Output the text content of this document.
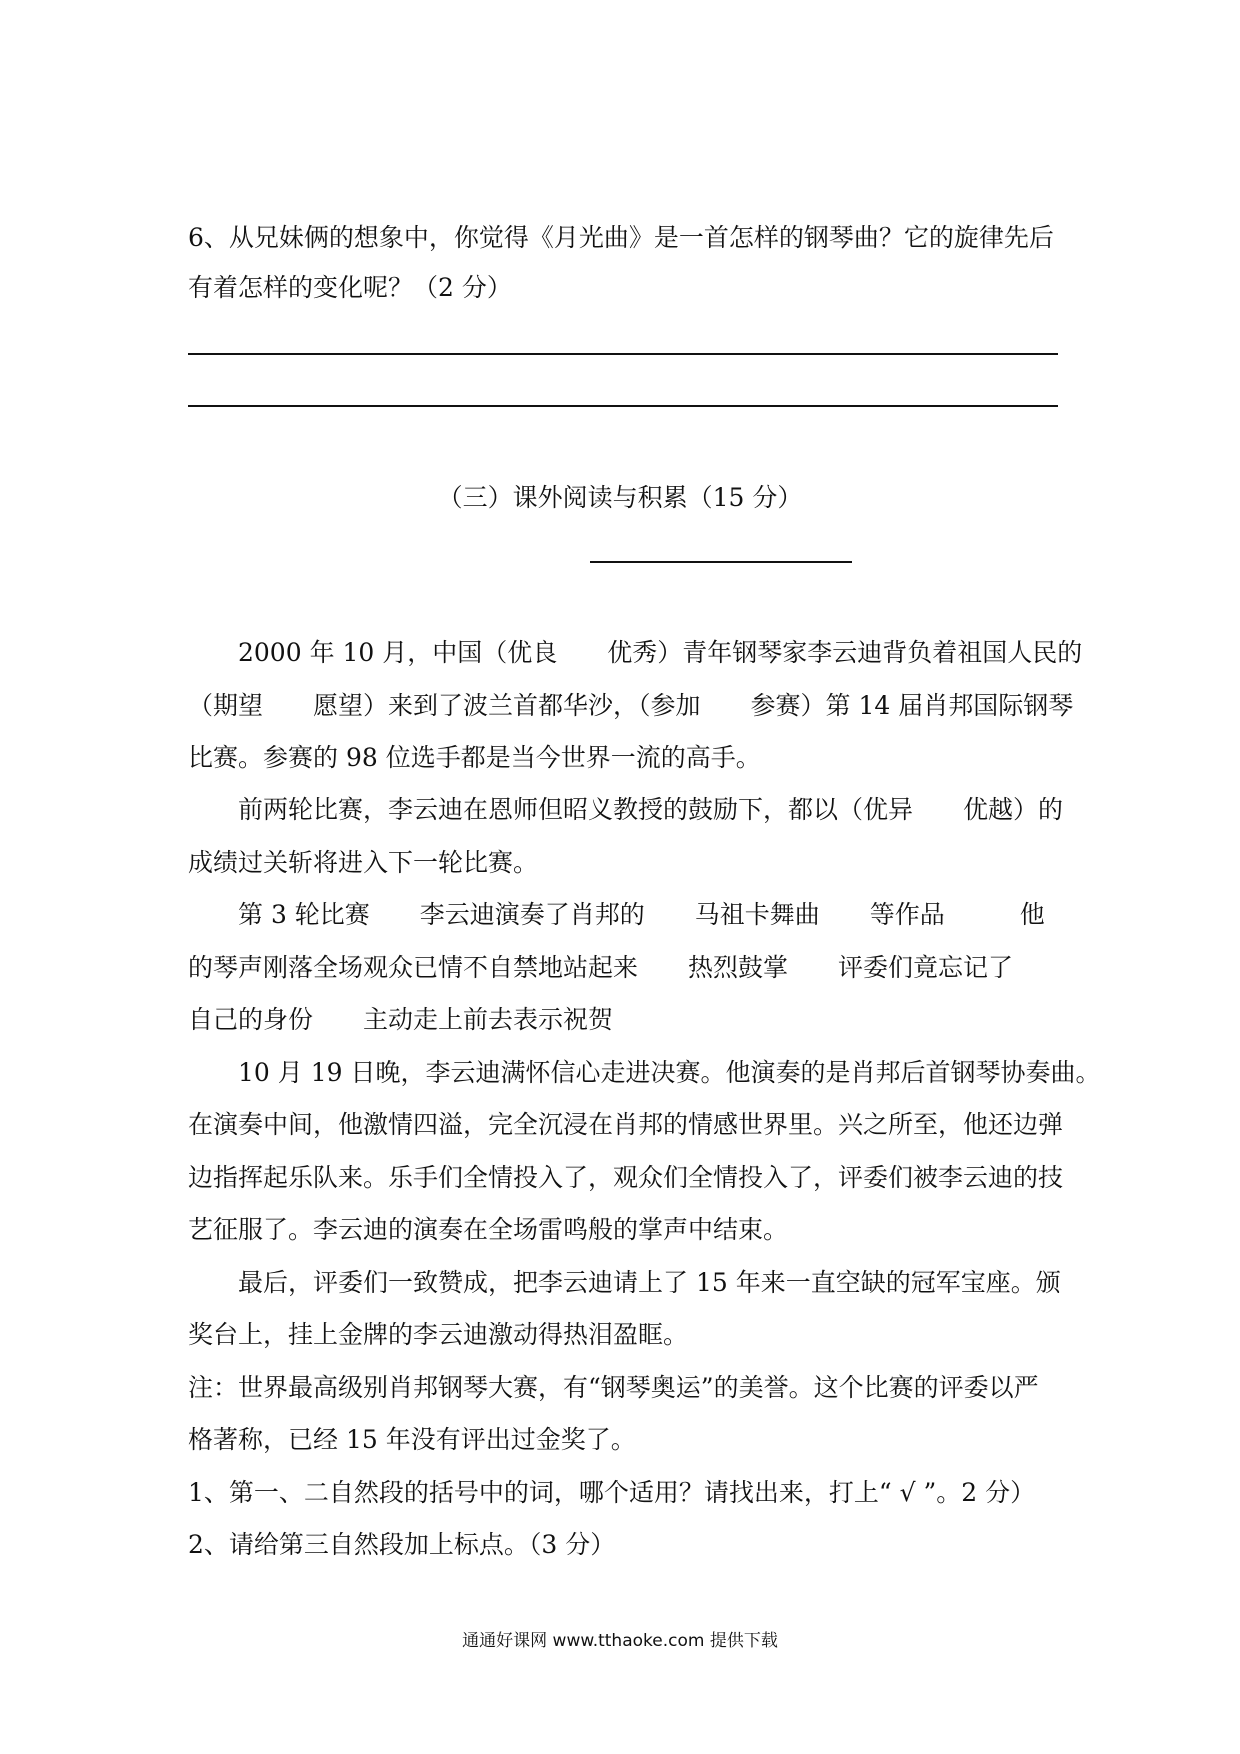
6、从兄妹俩的想象中，你觉得《月光曲》是一首怎样的钢琴曲？它的旋律先后
有着怎样的变化呢？（2 分）
（三）课外阅读与积累（15 分）
2000 年 10 月，中国（优良　　优秀）青年钢琴家李云迪背负着祖国人民的
（期望　　愿望）来到了波兰首都华沙，（参加　　参赛）第 14 届肖邦国际钢琴
比赛。参赛的 98 位选手都是当今世界一流的高手。
前两轮比赛，李云迪在恩师但昭义教授的鼓励下，都以（优异　　优越）的
成绩过关斩将进入下一轮比赛。
第 3 轮比赛　　李云迪演奏了肖邦的　　马祖卡舞曲　　等作品　　　他
的琴声刚落全场观众已情不自禁地站起来　　热烈鼓掌　　评委们竟忘记了
自己的身份　　主动走上前去表示祝贺
10 月 19 日晚，李云迪满怀信心走进决赛。他演奏的是肖邦后首钢琴协奏曲。
在演奏中间，他激情四溢，完全沉浸在肖邦的情感世界里。兴之所至，他还边弹
边指挥起乐队来。乐手们全情投入了，观众们全情投入了，评委们被李云迪的技
艺征服了。李云迪的演奏在全场雷鸣般的掌声中结束。
最后，评委们一致赞成，把李云迪请上了 15 年来一直空缺的冠军宝座。颁
奖台上，挂上金牌的李云迪激动得热泪盈眶。
注：世界最高级别肖邦钢琴大赛，有“钢琴奥运”的美誉。这个比赛的评委以严
格著称，已经 15 年没有评出过金奖了。
1、第一、二自然段的括号中的词，哪个适用？请找出来，打上“ √ ”。2 分）
2、请给第三自然段加上标点。（3 分）
通通好课网 www.tthaoke.com 提供下载
